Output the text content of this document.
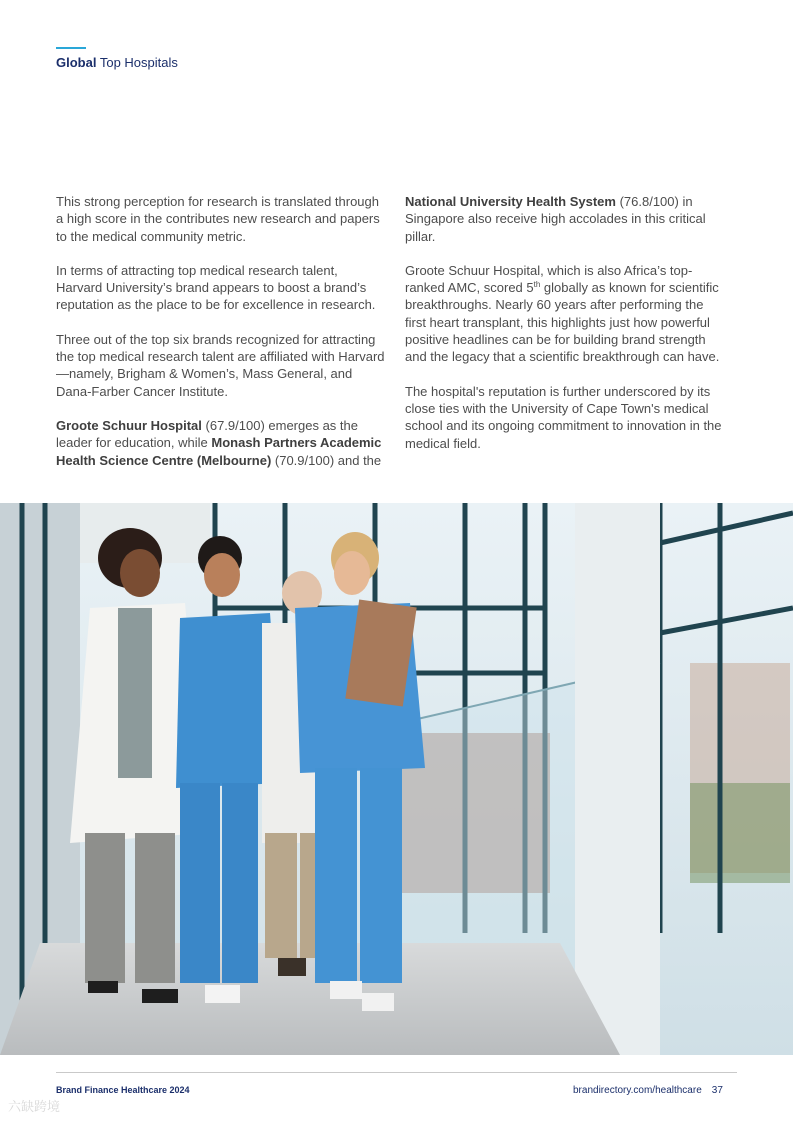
Global Top Hospitals

This strong perception for research is translated through a high score in the contributes new research and papers to the medical community metric.

In terms of attracting top medical research talent, Harvard University’s brand appears to boost a brand’s reputation as the place to be for excellence in research.

Three out of the top six brands recognized for attracting the top medical research talent are affiliated with Harvard—namely, Brigham & Women’s, Mass General, and Dana-Farber Cancer Institute.

Groote Schuur Hospital (67.9/100) emerges as the leader for education, while Monash Partners Academic Health Science Centre (Melbourne) (70.9/100) and the

National University Health System (76.8/100) in Singapore also receive high accolades in this critical pillar.

Groote Schuur Hospital, which is also Africa’s top-ranked AMC, scored 5th globally as known for scientific breakthroughs. Nearly 60 years after performing the first heart transplant, this highlights just how powerful positive headlines can be for building brand strength and the legacy that a scientific breakthrough can have.

The hospital's reputation is further underscored by its close ties with the University of Cape Town's medical school and its ongoing commitment to innovation in the medical field.

Brand Finance Healthcare 2024	brandirectory.com/healthcare 37
六缺跨境
